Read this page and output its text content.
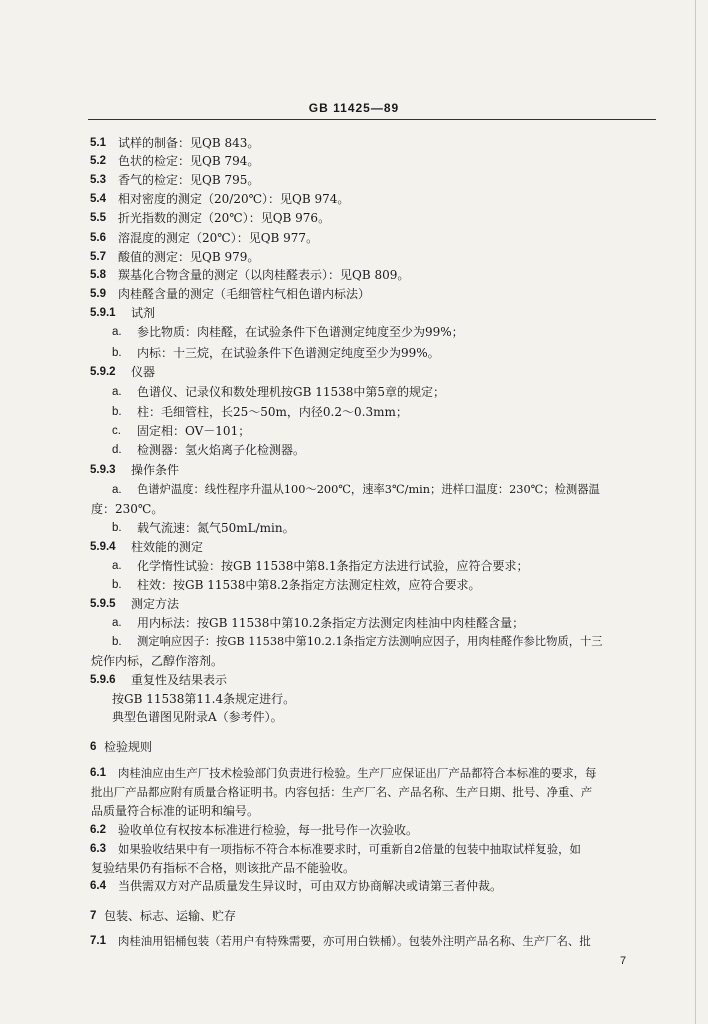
GB 11425—89
5.1 试样的制备：见QB 843。
5.2 色状的检定：见QB 794。
5.3 香气的检定：见QB 795。
5.4 相对密度的测定（20/20℃）：见QB 974。
5.5 折光指数的测定（20℃）：见QB 976。
5.6 溶混度的测定（20℃）：见QB 977。
5.7 酸值的测定：见QB 979。
5.8 羰基化合物含量的测定（以肉桂醛表示）：见QB 809。
5.9 肉桂醛含量的测定（毛细管柱气相色谱内标法）
5.9.1 试剂
a. 参比物质：肉桂醛，在试验条件下色谱测定纯度至少为99%；
b. 内标：十三烷，在试验条件下色谱测定纯度至少为99%。
5.9.2 仪器
a. 色谱仪、记录仪和数处理机按GB 11538中第5章的规定；
b. 柱：毛细管柱，长25～50m，内径0.2～0.3mm；
c. 固定相：OV－101；
d. 检测器：氢火焰离子化检测器。
5.9.3 操作条件
a. 色谱炉温度：线性程序升温从100～200℃，速率3℃/min；进样口温度：230℃；检测器温
度：230℃。
b. 载气流速：氮气50mL/min。
5.9.4 柱效能的测定
a. 化学惰性试验：按GB 11538中第8.1条指定方法进行试验，应符合要求；
b. 柱效：按GB 11538中第8.2条指定方法测定柱效，应符合要求。
5.9.5 测定方法
a. 用内标法：按GB 11538中第10.2条指定方法测定肉桂油中肉桂醛含量；
b. 测定响应因子：按GB 11538中第10.2.1条指定方法测响应因子，用肉桂醛作参比物质，十三
烷作内标，乙醇作溶剂。
5.9.6 重复性及结果表示
按GB 11538第11.4条规定进行。
典型色谱图见附录A（参考件）。
6 检验规则
6.1 肉桂油应由生产厂技术检验部门负责进行检验。生产厂应保证出厂产品都符合本标准的要求，每
批出厂产品都应附有质量合格证明书。内容包括：生产厂名、产品名称、生产日期、批号、净重、产
品质量符合标准的证明和编号。
6.2 验收单位有权按本标准进行检验，每一批号作一次验收。
6.3 如果验收结果中有一项指标不符合本标准要求时，可重新自2倍量的包装中抽取试样复验，如
复验结果仍有指标不合格，则该批产品不能验收。
6.4 当供需双方对产品质量发生异议时，可由双方协商解决或请第三者仲裁。
7 包装、标志、运输、贮存
7.1 肉桂油用铝桶包装（若用户有特殊需要，亦可用白铁桶）。包装外注明产品名称、生产厂名、批
7
